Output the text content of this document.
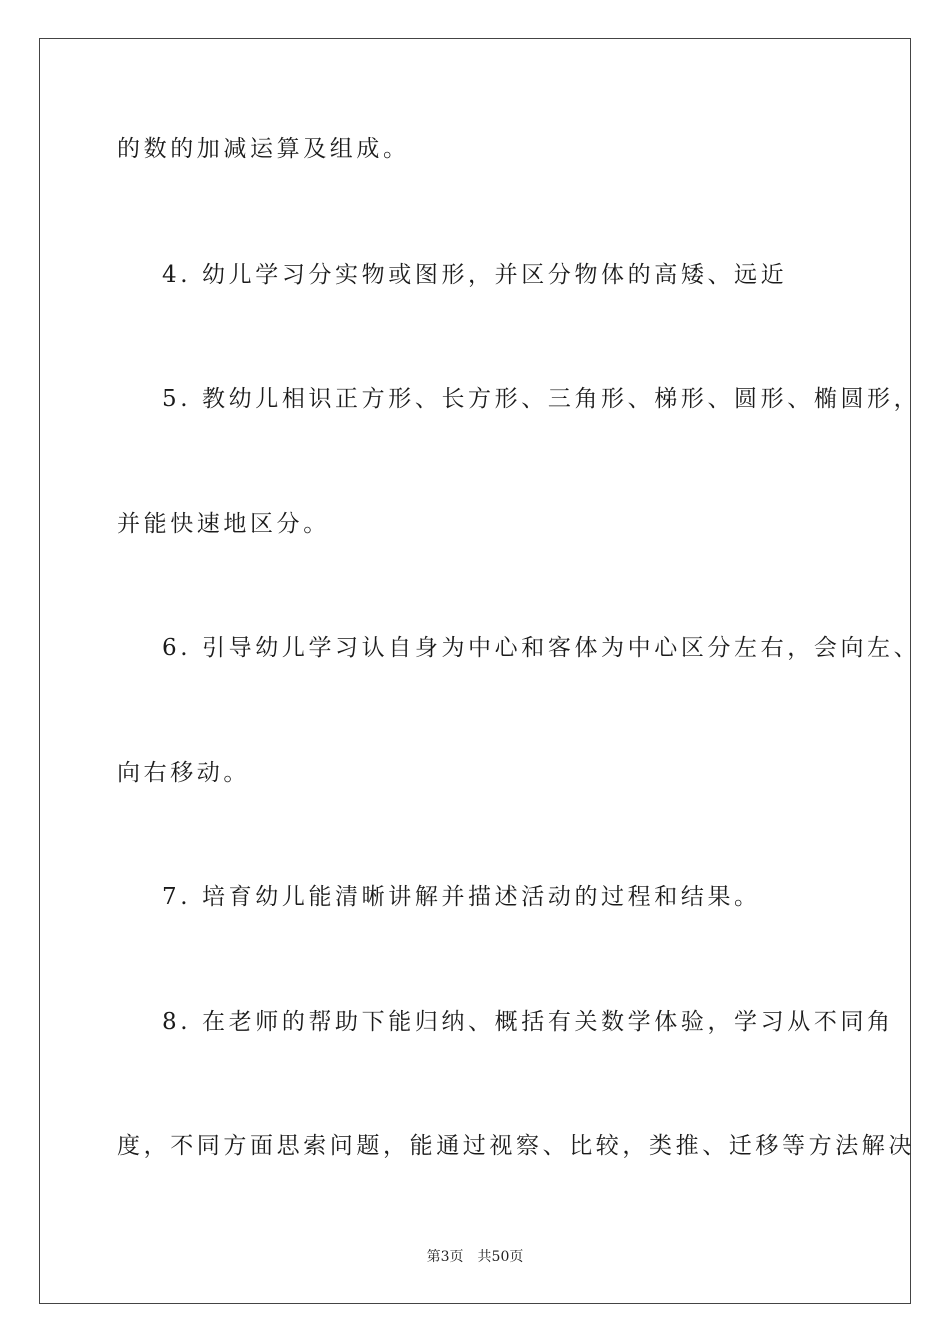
的数的加减运算及组成。
4. 幼儿学习分实物或图形，并区分物体的高矮、远近
5. 教幼儿相识正方形、长方形、三角形、梯形、圆形、椭圆形，
并能快速地区分。
6. 引导幼儿学习认自身为中心和客体为中心区分左右，会向左、
向右移动。
7. 培育幼儿能清晰讲解并描述活动的过程和结果。
8. 在老师的帮助下能归纳、概括有关数学体验，学习从不同角
度，不同方面思索问题，能通过视察、比较，类推、迁移等方法解决
第3页 共50页
